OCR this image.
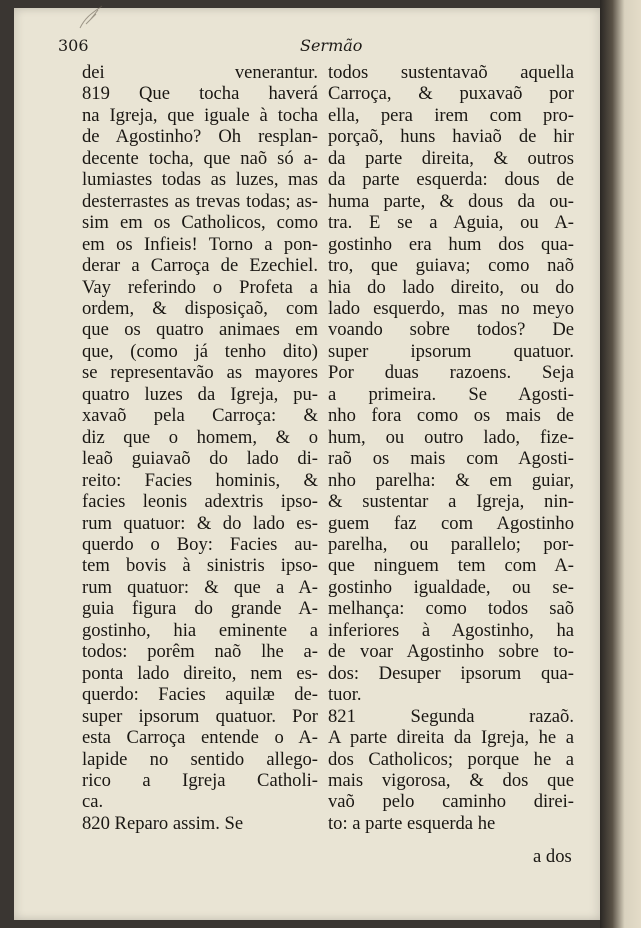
306	Sermão
dei venerantur.
819 Que tocha haverá
na Igreja, que iguale à tocha
de Agostinho? Oh resplan-
decente tocha, que naõ só a-
lumiastes todas as luzes, mas
desterrastes as trevas todas; as-
sim em os Catholicos, como
em os Infieis! Torno a pon-
derar a Carroça de Ezechiel.
Vay referindo o Profeta a
ordem, & disposiçaõ, com
que os quatro animaes em
que, (como já tenho dito)
se representavão as mayores
quatro luzes da Igreja, pu-
xavaõ pela Carroça: &
diz que o homem, & o
leaõ guiavaõ do lado di-
reito: Facies hominis, &
facies leonis adextris ipso-
rum quatuor: & do lado es-
querdo o Boy: Facies au-
tem bovis à sinistris ipso-
rum quatuor: & que a A-
guia figura do grande A-
gostinho, hia eminente a
todos: porêm naõ lhe a-
ponta lado direito, nem es-
querdo: Facies aquilæ de-
super ipsorum quatuor. Por
esta Carroça entende o A-
lapide no sentido allego-
rico a Igreja Catholi-
ca.
820 Reparo assim. Se
todos sustentavaõ aquella
Carroça, & puxavaõ por
ella, pera irem com pro-
porçaõ, huns haviaõ de hir
da parte direita, & outros
da parte esquerda: dous de
huma parte, & dous da ou-
tra. E se a Aguia, ou A-
gostinho era hum dos qua-
tro, que guiava; como naõ
hia do lado direito, ou do
lado esquerdo, mas no meyo
voando sobre todos? De
super ipsorum quatuor.
Por duas razoens. Seja
a primeira. Se Agosti-
nho fora como os mais de
hum, ou outro lado, fize-
raõ os mais com Agosti-
nho parelha: & em guiar,
& sustentar a Igreja, nin-
guem faz com Agostinho
parelha, ou parallelo; por-
que ninguem tem com A-
gostinho igualdade, ou se-
melhança: como todos saõ
inferiores à Agostinho, ha
de voar Agostinho sobre to-
dos: Desuper ipsorum qua-
tuor.
821 Segunda razaõ.
A parte direita da Igreja, he a
dos Catholicos; porque he a
mais vigorosa, & dos que
vaõ pelo caminho direi-
to: a parte esquerda he
a dos
